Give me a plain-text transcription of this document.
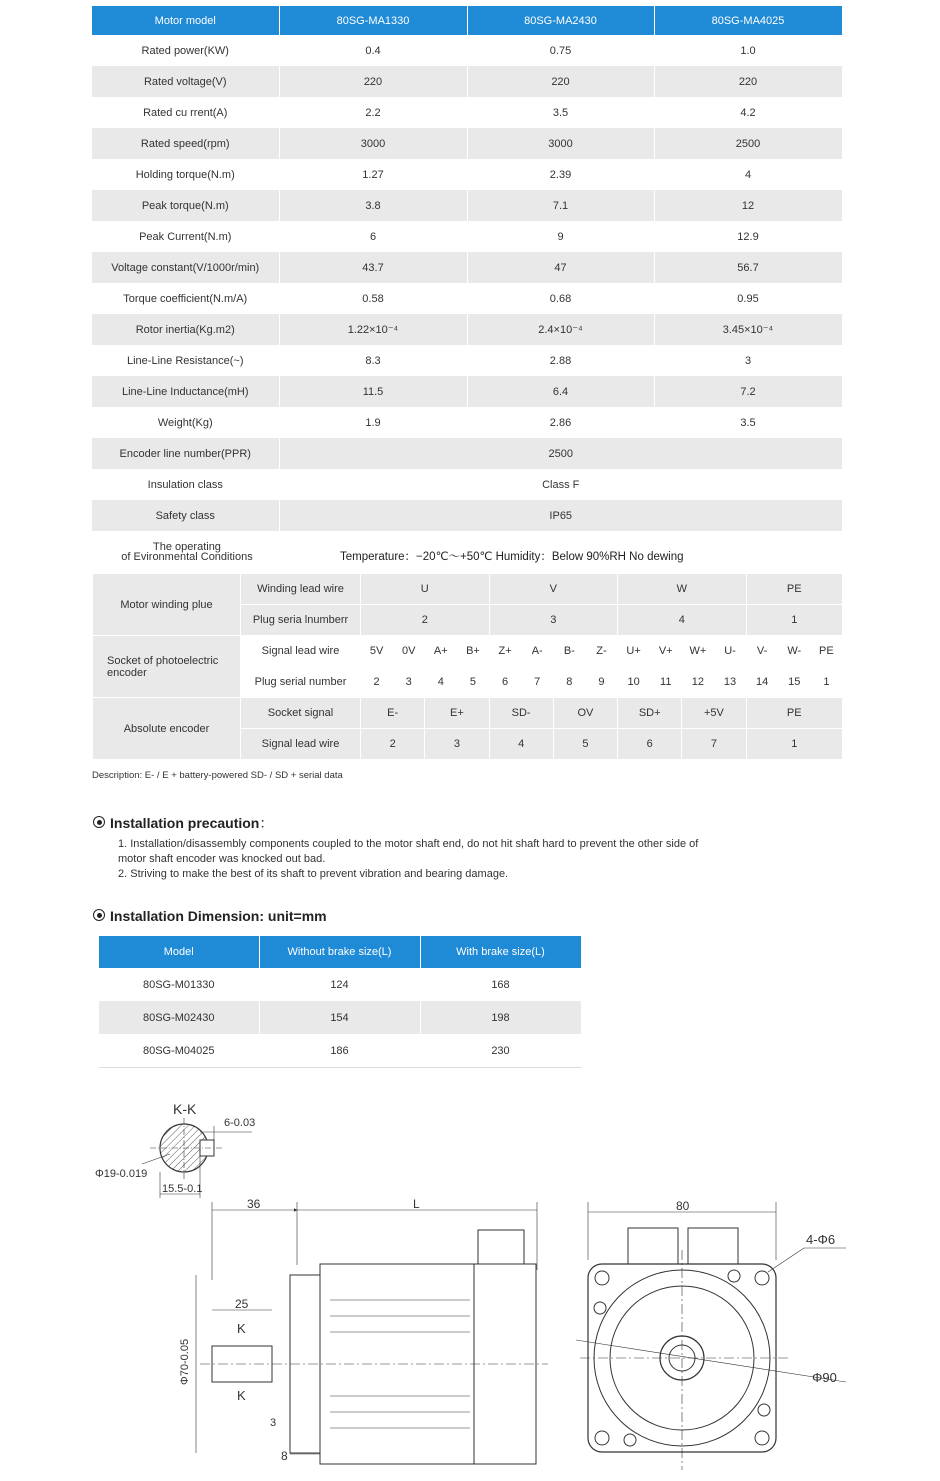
Motor model	80SG-MA1330	80SG-MA2430	80SG-MA4025
Rated power(KW)	0.4	0.75	1.0
Rated voltage(V)	220	220	220
Rated cu rrent(A)	2.2	3.5	4.2
Rated speed(rpm)	3000	3000	2500
Holding torque(N.m)	1.27	2.39	4
Peak torque(N.m)	3.8	7.1	12
Peak Current(N.m)	6	9	12.9
Voltage constant(V/1000r/min)	43.7	47	56.7
Torque coefficient(N.m/A)	0.58	0.68	0.95
Rotor inertia(Kg.m2)	1.22×10⁻⁴	2.4×10⁻⁴	3.45×10⁻⁴
Line-Line Resistance(~)	8.3	2.88	3
Line-Line Inductance(mH)	11.5	6.4	7.2
Weight(Kg)	1.9	2.86	3.5
Encoder line number(PPR)	2500		
Insulation class	Class F		
Safety class	IP65		
The operating
of Evironmental Conditions	Temperature：−20℃～+50℃ Humidity：Below 90%RH No dewing
Motor winding plue	Winding lead wire	U				V				W				PE		
	Plug seria lnumberr	2				3				4				1		
Socket of photoelectric encoder	Signal lead wire	5V	0V	A+	B+	Z+	A-	B-	Z-	U+	V+	W+	U-	V-	W-	PE
	Plug serial number	2	3	4	5	6	7	8	9	10	11	12	13	14	15	1
Absolute encoder	Socket signal	E-		E+		SD-		OV		SD+		+5V		PE		
	Signal lead wire	2		3		4		5		6		7		1		
Description: E- / E + battery-powered SD- / SD + serial data
Installation precaution：
1. Installation/disassembly components coupled to the motor shaft end, do not hit shaft hard to prevent the other side of
motor shaft encoder was knocked out bad.
2. Striving to make the best of its shaft to prevent vibration and bearing damage.
Installation Dimension: unit=mm
Model	Without brake size(L)	With brake size(L)
80SG-M01330	124	168
80SG-M02430	154	198
80SG-M04025	186	230
K-K
6-0.03
15.5-0.1
Φ19-0.019
36	L
25
K
K
Φ70-0.05
3
8
80
4-Φ6
Φ90
